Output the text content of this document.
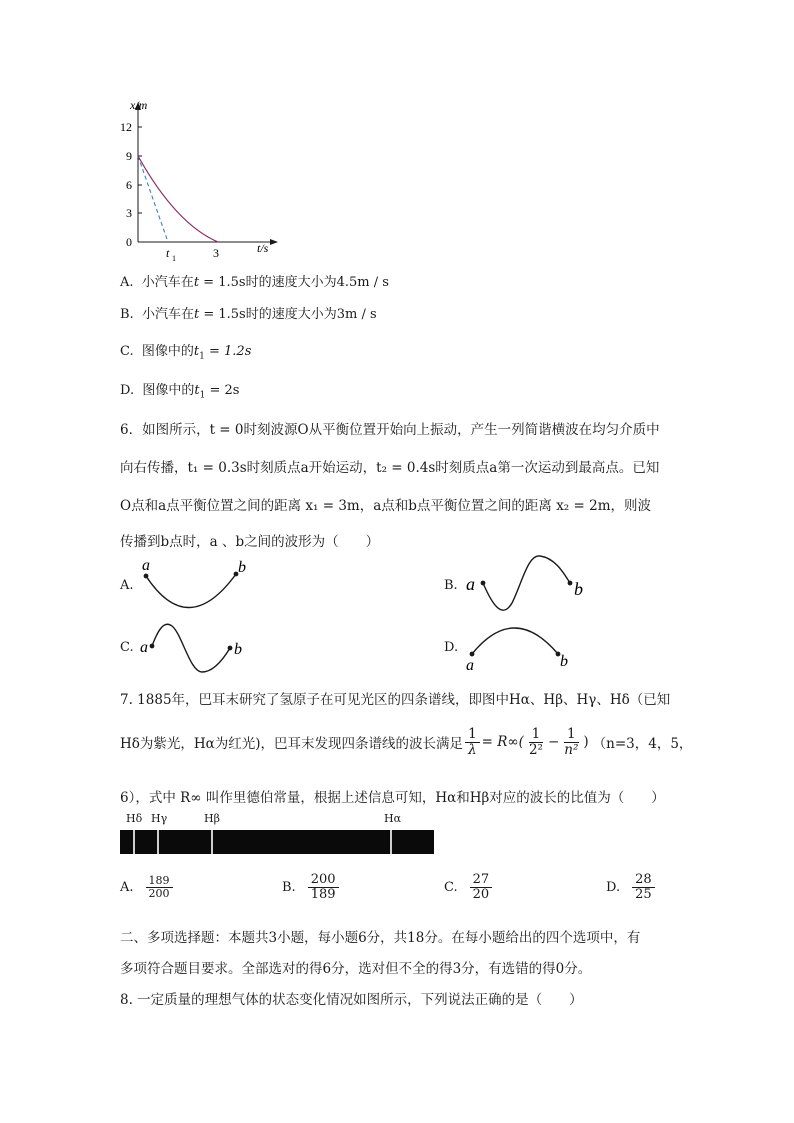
12
9
6
3
0
x/m
t/s
t 1	3
A. 小汽车在t = 1.5s时的速度大小为4.5m / s
B. 小汽车在t = 1.5s时的速度大小为3m / s
C. 图像中的$t_1 = 1.2s$
D. 图像中的$t_1 = 2s$
6．如图所示，t = 0时刻波源O从平衡位置开始向上振动，产生一列简谐横波在均匀介质中
向右传播，t₁ = 0.3s时刻质点a开始运动，t₂ = 0.4s时刻质点a第一次运动到最高点。已知
O点和a点平衡位置之间的距离 x₁ = 3m，a点和b点平衡位置之间的距离 x₂ = 2m，则波
传播到b点时，a 、b之间的波形为（　　）
A.
a	b
B. a	b
C. a	b	D.
a	b
7. 1885年，巴耳末研究了氢原子在可见光区的四条谱线，即图中Hα、Hβ、Hγ、Hδ（已知
Hδ为紫光，Hα为红光)，巴耳末发现四条谱线的波长满足 $\frac{1}{\lambda} = R\infty( \frac{1}{\text{2²}} - \frac{1}{\text{n²}}$ ) （n=3，4，5，
6），式中 R∞ 叫作里德伯常量，根据上述信息可知，Hα和Hβ对应的波长的比值为（　　）
Hδ Hγ	Hβ	Hα
A. $\frac{189}{200}$	B. $\frac{200}{189}$	C. $\frac{27}{20}$	D. $\frac{28}{25}$
二、多项选择题：本题共3小题，每小题6分，共18分。在每小题给出的四个选项中，有
多项符合题目要求。全部选对的得6分，选对但不全的得3分，有选错的得0分。
8. 一定质量的理想气体的状态变化情况如图所示，下列说法正确的是（　　）
